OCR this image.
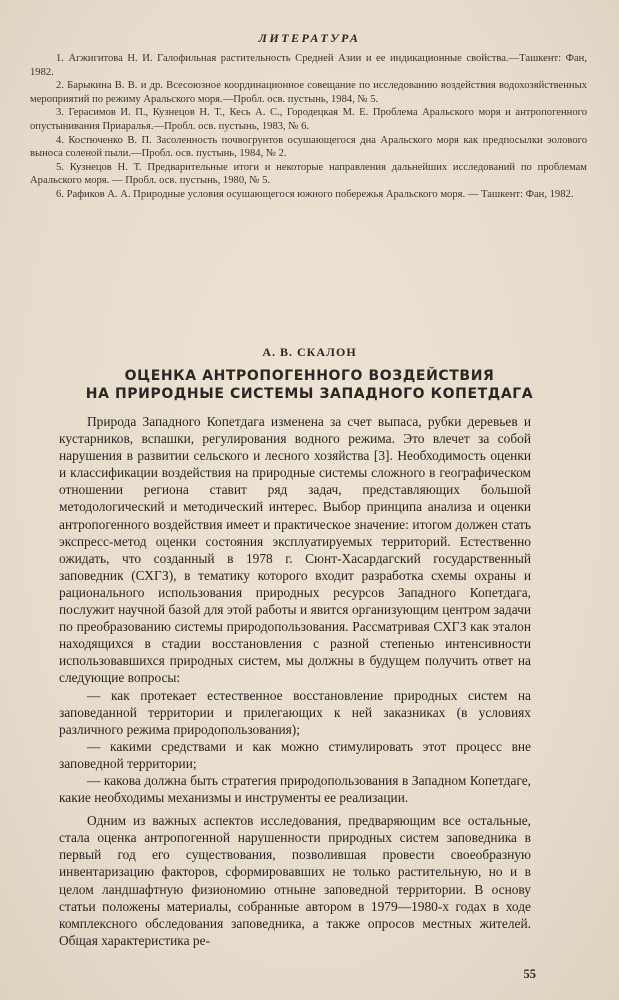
ЛИТЕРАТУРА

1. Агжигитова Н. И. Галофильная растительность Средней Азии и ее индикационные свойства.—Ташкент: Фан, 1982.

2. Барыкина В. В. и др. Всесоюзное координационное совещание по исследованию воздействия водохозяйственных мероприятий по режиму Аральского моря.—Пробл. осв. пустынь, 1984, № 5.

3. Герасимов И. П., Кузнецов Н. Т., Кесь А. С., Городецкая М. Е. Проблема Аральского моря и антропогенного опустынивания Приаралья.—Пробл. осв. пустынь, 1983, № 6.

4. Костюченко В. П. Засоленность почвогрунтов осушающегося дна Аральского моря как предпосылки эолового выноса соленой пыли.—Пробл. осв. пустынь, 1984, № 2.

5. Кузнецов Н. Т. Предварительные итоги и некоторые направления дальнейших исследований по проблемам Аральского моря. — Пробл. осв. пустынь, 1980, № 5.

6. Рафиков А. А. Природные условия осушающегося южного побережья Аральского моря. — Ташкент: Фан, 1982.

А. В. СКАЛОН
ОЦЕНКА АНТРОПОГЕННОГО ВОЗДЕЙСТВИЯ
НА ПРИРОДНЫЕ СИСТЕМЫ ЗАПАДНОГО КОПЕТДАГА

Природа Западного Копетдага изменена за счет выпаса, рубки деревьев и кустарников, вспашки, регулирования водного режима. Это влечет за собой нарушения в развитии сельского и лесного хозяйства [3]. Необходимость оценки и классификации воздействия на природные системы сложного в географическом отношении региона ставит ряд задач, представляющих большой методологический и методический интерес. Выбор принципа анализа и оценки антропогенного воздействия имеет и практическое значение: итогом должен стать экспресс-метод оценки состояния эксплуатируемых территорий. Естественно ожидать, что созданный в 1978 г. Сюнт-Хасардагский государственный заповедник (СХГЗ), в тематику которого входит разработка схемы охраны и рационального использования природных ресурсов Западного Копетдага, послужит научной базой для этой работы и явится организующим центром задачи по преобразованию системы природопользования. Рассматривая СХГЗ как эталон находящихся в стадии восстановления с разной степенью интенсивности использовавшихся природных систем, мы должны в будущем получить ответ на следующие вопросы:

— как протекает естественное восстановление природных систем на заповеданной территории и прилегающих к ней заказниках (в условиях различного режима природопользования);

— какими средствами и как можно стимулировать этот процесс вне заповедной территории;

— какова должна быть стратегия природопользования в Западном Копетдаге, какие необходимы механизмы и инструменты ее реализации.

Одним из важных аспектов исследования, предваряющим все остальные, стала оценка антропогенной нарушенности природных систем заповедника в первый год его существования, позволившая провести своеобразную инвентаризацию факторов, сформировавших не только растительную, но и в целом ландшафтную физиономию отныне заповедной территории. В основу статьи положены материалы, собранные автором в 1979—1980-х годах в ходе комплексного обследования заповедника, а также опросов местных жителей. Общая характеристика ре-

55
